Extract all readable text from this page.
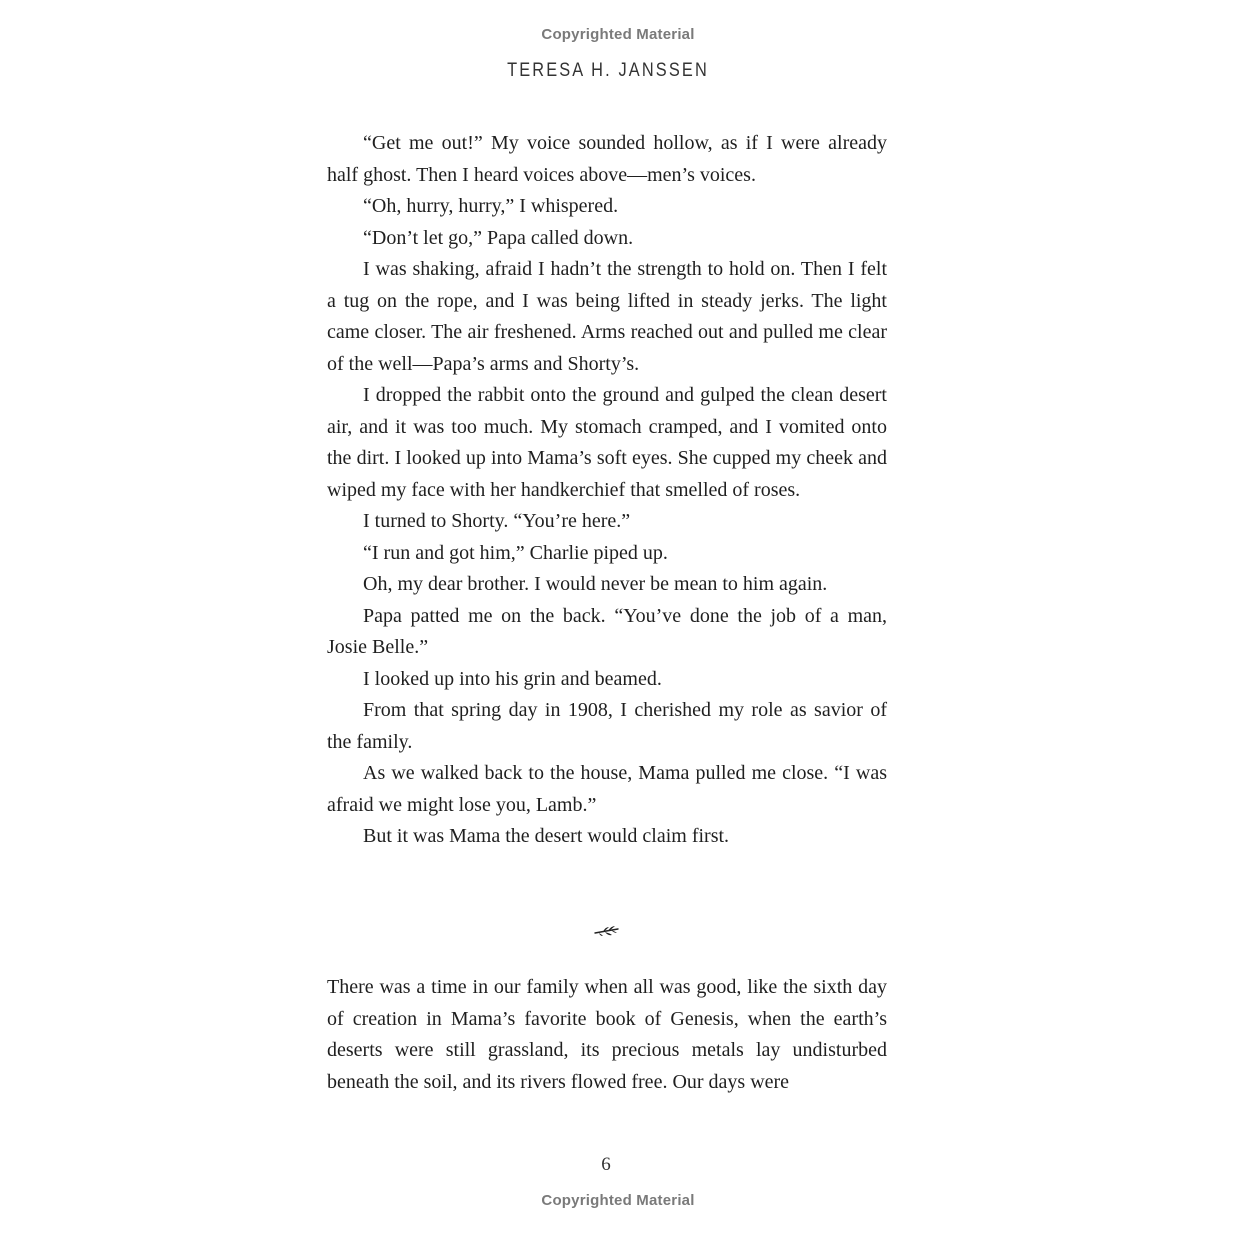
Copyrighted Material
TERESA H. JANSSEN

“Get me out!” My voice sounded hollow, as if I were already half ghost. Then I heard voices above—men’s voices.

“Oh, hurry, hurry,” I whispered.

“Don’t let go,” Papa called down.

I was shaking, afraid I hadn’t the strength to hold on. Then I felt a tug on the rope, and I was being lifted in steady jerks. The light came closer. The air freshened. Arms reached out and pulled me clear of the well—Papa’s arms and Shorty’s.

I dropped the rabbit onto the ground and gulped the clean desert air, and it was too much. My stomach cramped, and I vomited onto the dirt. I looked up into Mama’s soft eyes. She cupped my cheek and wiped my face with her handkerchief that smelled of roses.

I turned to Shorty. “You’re here.”

“I run and got him,” Charlie piped up.

Oh, my dear brother. I would never be mean to him again.

Papa patted me on the back. “You’ve done the job of a man, Josie Belle.”

I looked up into his grin and beamed.

From that spring day in 1908, I cherished my role as savior of the family.

As we walked back to the house, Mama pulled me close. “I was afraid we might lose you, Lamb.”

But it was Mama the desert would claim first.

There was a time in our family when all was good, like the sixth day of creation in Mama’s favorite book of Genesis, when the earth’s deserts were still grassland, its precious metals lay undisturbed beneath the soil, and its rivers flowed free. Our days were

6
Copyrighted Material
